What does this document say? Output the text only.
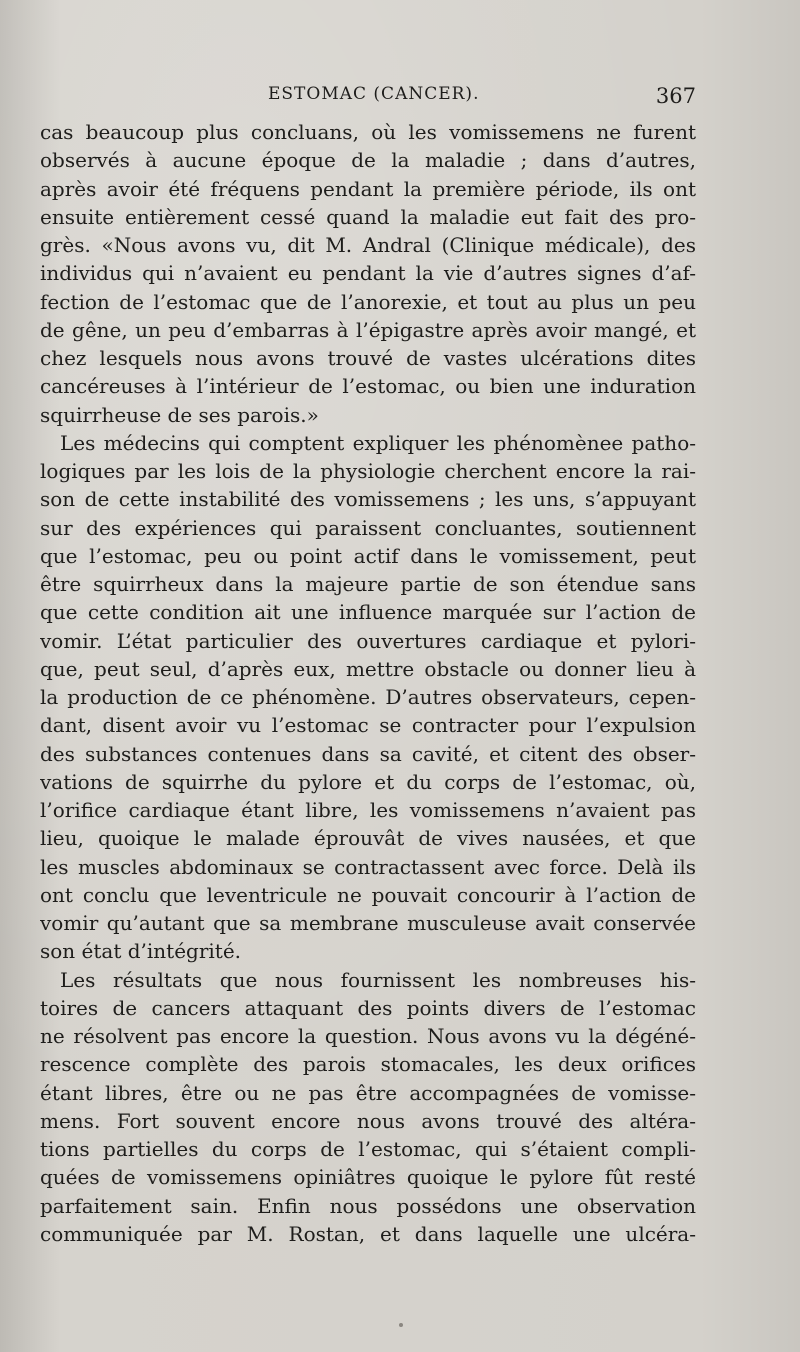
ESTOMAC (CANCER).	367
cas beaucoup plus concluans, où les vomissemens ne furent
observés à aucune époque de la maladie ; dans d’autres,
après avoir été fréquens pendant la première période, ils ont
ensuite entièrement cessé quand la maladie eut fait des pro-
grès. «Nous avons vu, dit M. Andral (Clinique médicale), des
individus qui n’avaient eu pendant la vie d’autres signes d’af-
fection de l’estomac que de l’anorexie, et tout au plus un peu
de gêne, un peu d’embarras à l’épigastre après avoir mangé, et
chez lesquels nous avons trouvé de vastes ulcérations dites
cancéreuses à l’intérieur de l’estomac, ou bien une induration
squirrheuse de ses parois.»
Les médecins qui comptent expliquer les phénomènee patho-
logiques par les lois de la physiologie cherchent encore la rai-
son de cette instabilité des vomissemens ; les uns, s’appuyant
sur des expériences qui paraissent concluantes, soutiennent
que l’estomac, peu ou point actif dans le vomissement, peut
être squirrheux dans la majeure partie de son étendue sans
que cette condition ait une influence marquée sur l’action de
vomir. L’état particulier des ouvertures cardiaque et pylori-
que, peut seul, d’après eux, mettre obstacle ou donner lieu à
la production de ce phénomène. D’autres observateurs, cepen-
dant, disent avoir vu l’estomac se contracter pour l’expulsion
des substances contenues dans sa cavité, et citent des obser-
vations de squirrhe du pylore et du corps de l’estomac, où,
l’orifice cardiaque étant libre, les vomissemens n’avaient pas
lieu, quoique le malade éprouvât de vives nausées, et que
les muscles abdominaux se contractassent avec force. Delà ils
ont conclu que leventricule ne pouvait concourir à l’action de
vomir qu’autant que sa membrane musculeuse avait conservée
son état d’intégrité.
Les résultats que nous fournissent les nombreuses his-
toires de cancers attaquant des points divers de l’estomac
ne résolvent pas encore la question. Nous avons vu la dégéné-
rescence complète des parois stomacales, les deux orifices
étant libres, être ou ne pas être accompagnées de vomisse-
mens. Fort souvent encore nous avons trouvé des altéra-
tions partielles du corps de l’estomac, qui s’étaient compli-
quées de vomissemens opiniâtres quoique le pylore fût resté
parfaitement sain. Enfin nous possédons une observation
communiquée par M. Rostan, et dans laquelle une ulcéra-
